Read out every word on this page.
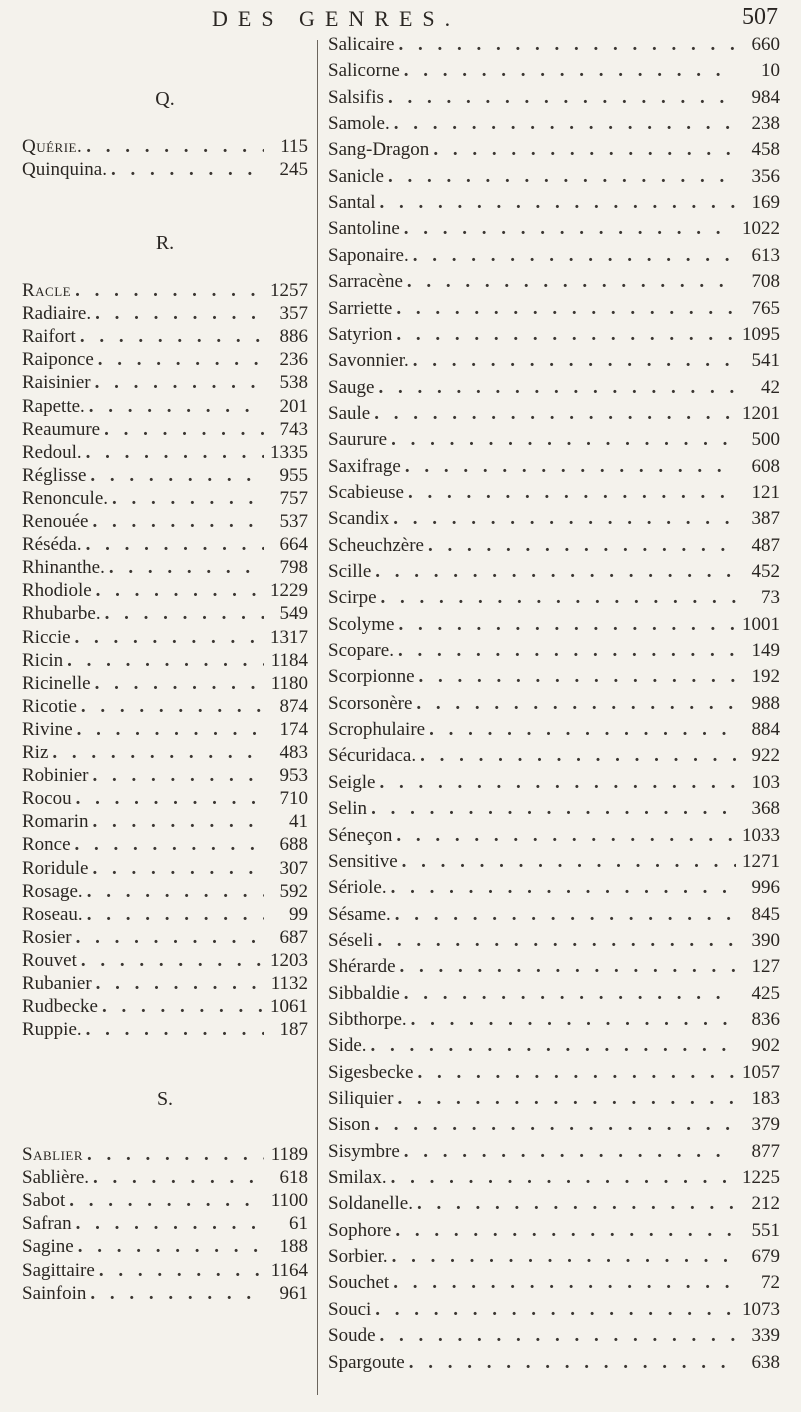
DES GENRES.	507
Q.
Quérie. . . .	115
Quinquina. . . .	245
R.
Racle . . .	1257
Radiaire. . . .	357
Raifort . . .	886
Raiponce . . .	236
Raisinier . . .	538
Rapette. . . .	201
Reaumure . . .	743
Redoul. . . .	1335
Réglisse . . .	955
Renoncule. . . .	757
Renouée . . .	537
Réséda. . . .	664
Rhinanthe. . . .	798
Rhodiole . . .	1229
Rhubarbe. . . .	549
Riccie . . .	1317
Ricin . . .	1184
Ricinelle . . .	1180
Ricotie . . .	874
Rivine . . .	174
Riz . . .	483
Robinier . . .	953
Rocou . . .	710
Romarin . . .	41
Ronce . . .	688
Roridule . . .	307
Rosage. . . .	592
Roseau. . . .	99
Rosier . . .	687
Rouvet . . .	1203
Rubanier . . .	1132
Rudbecke . . .	1061
Ruppie. . . .	187
S.
Sablier . . .	1189
Sablière. . . .	618
Sabot . . .	1100
Safran . . .	61
Sagine . . .	188
Sagittaire . . .	1164
Sainfoin . . .	961
Salicaire . . .	660
Salicorne . . .	10
Salsifis . . .	984
Samole. . . .	238
Sang-Dragon . . .	458
Sanicle . . .	356
Santal . . .	169
Santoline . . .	1022
Saponaire. . . .	613
Sarracène . . .	708
Sarriette . . .	765
Satyrion . . .	1095
Savonnier. . . .	541
Sauge . . .	42
Saule . . .	1201
Saururе . . .	500
Saxifrage . . .	608
Scabieuse . . .	121
Scandix . . .	387
Scheuchzère . . .	487
Scille . . .	452
Scirpe . . .	73
Scolyme . . .	1001
Scopare. . . .	149
Scorpionne . . .	192
Scorsonère . . .	988
Scrophulaire . . .	884
Sécuridaca. . . .	922
Seigle . . .	103
Selin . . .	368
Séneçon . . .	1033
Sensitive . . .	1271
Sériole. . . .	996
Sésame. . . .	845
Séseli . . .	390
Shérarde . . .	127
Sibbaldie . . .	425
Sibthorpe. . . .	836
Side. . . .	902
Sigesbecke . . .	1057
Siliquier . . .	183
Sison . . .	379
Sisymbre . . .	877
Smilax. . . .	1225
Soldanelle. . . .	212
Sophore . . .	551
Sorbier. . . .	679
Souchet . . .	72
Souci . . .	1073
Soude . . .	339
Spargoute . . .	638
